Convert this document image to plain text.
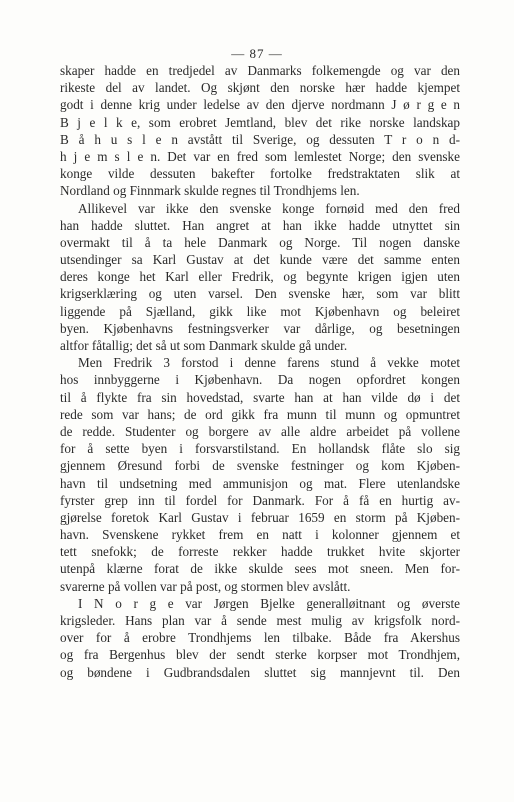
— 87 —
skaper hadde en tredjedel av Danmarks folkemengde og var den
rikeste del av landet. Og skjønt den norske hær hadde kjempet
godt i denne krig under ledelse av den djerve nordmann J ø r g e n
B j e l k e, som erobret Jemtland, blev det rike norske landskap
B å h u s l e n avstått til Sverige, og dessuten T r o n d-
h j e m s l e n. Det var en fred som lemlestet Norge; den svenske
konge vilde dessuten bakefter fortolke fredstraktaten slik at
Nordland og Finnmark skulde regnes til Trondhjems len.
Allikevel var ikke den svenske konge fornøid med den fred
han hadde sluttet. Han angret at han ikke hadde utnyttet sin
overmakt til å ta hele Danmark og Norge. Til nogen danske
utsendinger sa Karl Gustav at det kunde være det samme enten
deres konge het Karl eller Fredrik, og begynte krigen igjen uten
krigserklæring og uten varsel. Den svenske hær, som var blitt
liggende på Sjælland, gikk like mot Kjøbenhavn og beleiret
byen. Kjøbenhavns festningsverker var dårlige, og besetningen
altfor fåtallig; det så ut som Danmark skulde gå under.
Men Fredrik 3 forstod i denne farens stund å vekke motet
hos innbyggerne i Kjøbenhavn. Da nogen opfordret kongen
til å flykte fra sin hovedstad, svarte han at han vilde dø i det
rede som var hans; de ord gikk fra munn til munn og opmuntret
de redde. Studenter og borgere av alle aldre arbeidet på vollene
for å sette byen i forsvarstilstand. En hollandsk flåte slo sig
gjennem Øresund forbi de svenske festninger og kom Kjøben-
havn til undsetning med ammunisjon og mat. Flere utenlandske
fyrster grep inn til fordel for Danmark. For å få en hurtig av-
gjørelse foretok Karl Gustav i februar 1659 en storm på Kjøben-
havn. Svenskene rykket frem en natt i kolonner gjennem et
tett snefokk; de forreste rekker hadde trukket hvite skjorter
utenpå klærne forat de ikke skulde sees mot sneen. Men for-
svarerne på vollen var på post, og stormen blev avslått.
I N o r g e var Jørgen Bjelke generalløitnant og øverste
krigsleder. Hans plan var å sende mest mulig av krigsfolk nord-
over for å erobre Trondhjems len tilbake. Både fra Akershus
og fra Bergenhus blev der sendt sterke korpser mot Trondhjem,
og bøndene i Gudbrandsdalen sluttet sig mannjevnt til. Den
